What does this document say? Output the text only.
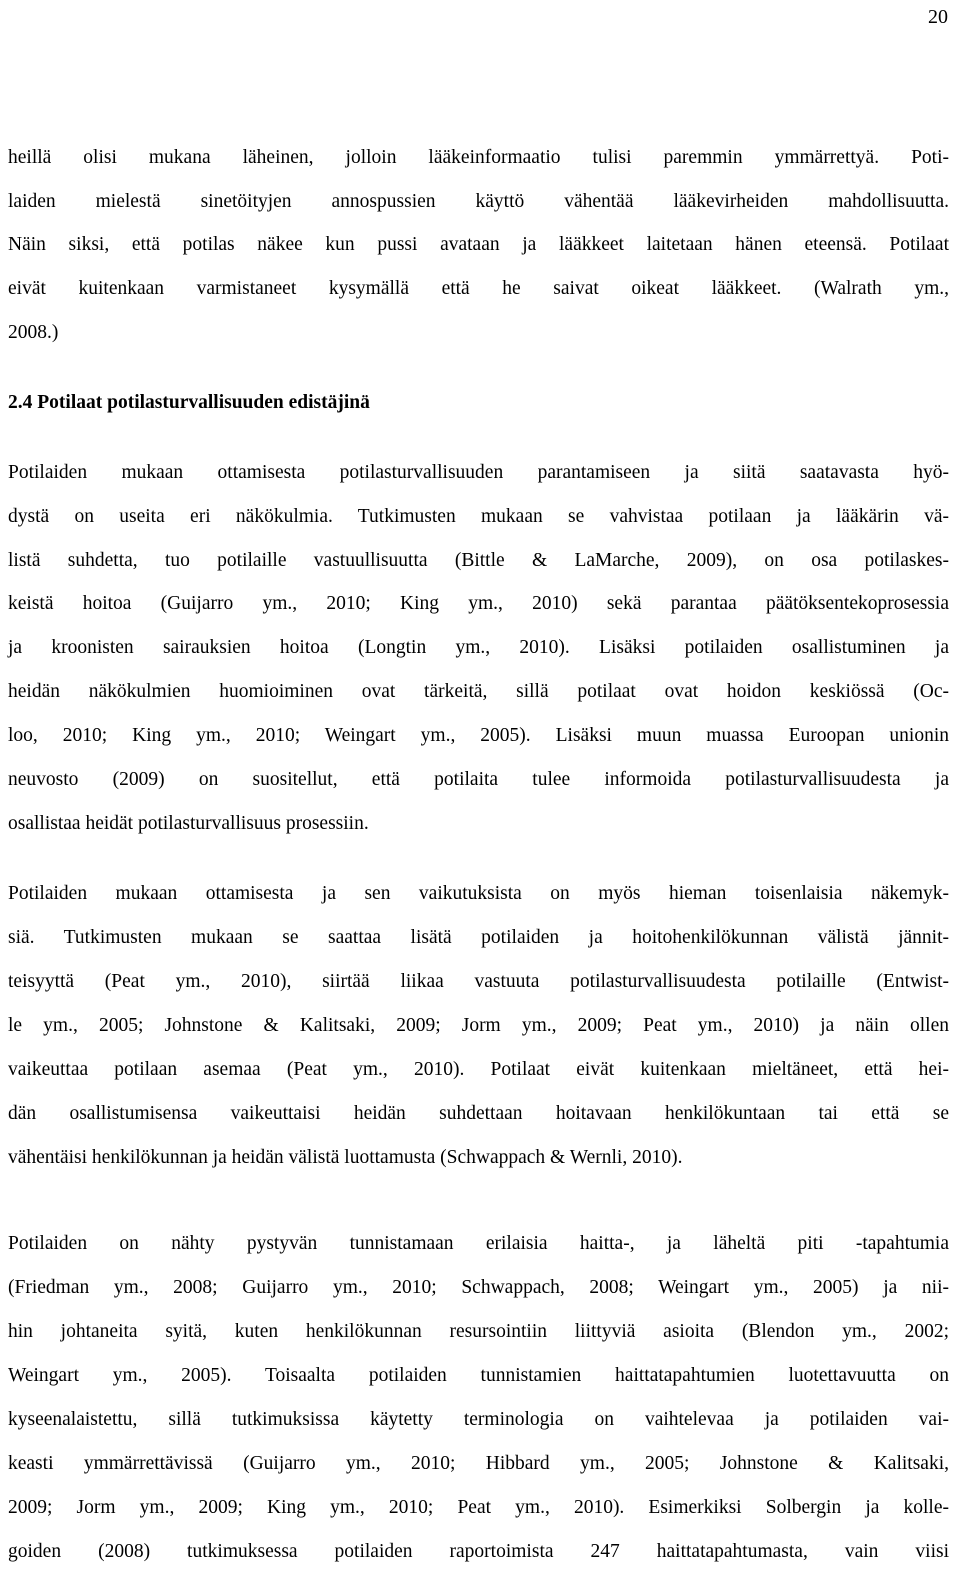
20
heillä olisi mukana läheinen, jolloin lääkeinformaatio tulisi paremmin ymmärrettyä. Poti-
laiden mielestä sinetöityjen annospussien käyttö vähentää lääkevirheiden mahdollisuutta.
Näin siksi, että potilas näkee kun pussi avataan ja lääkkeet laitetaan hänen eteensä. Potilaat
eivät kuitenkaan varmistaneet kysymällä että he saivat oikeat lääkkeet. (Walrath ym.,
2008.)
2.4 Potilaat potilasturvallisuuden edistäjinä
Potilaiden mukaan ottamisesta potilasturvallisuuden parantamiseen ja siitä saatavasta hyö-
dystä on useita eri näkökulmia. Tutkimusten mukaan se vahvistaa potilaan ja lääkärin vä-
listä suhdetta, tuo potilaille vastuullisuutta (Bittle & LaMarche, 2009), on osa potilaskes-
keistä hoitoa (Guijarro ym., 2010; King ym., 2010) sekä parantaa päätöksentekoprosessia
ja kroonisten sairauksien hoitoa (Longtin ym., 2010). Lisäksi potilaiden osallistuminen ja
heidän näkökulmien huomioiminen ovat tärkeitä, sillä potilaat ovat hoidon keskiössä (Oc-
loo, 2010; King ym., 2010; Weingart ym., 2005). Lisäksi muun muassa Euroopan unionin
neuvosto (2009) on suositellut, että potilaita tulee informoida potilasturvallisuudesta ja
osallistaa heidät potilasturvallisuus prosessiin.
Potilaiden mukaan ottamisesta ja sen vaikutuksista on myös hieman toisenlaisia näkemyk-
siä. Tutkimusten mukaan se saattaa lisätä potilaiden ja hoitohenkilökunnan välistä jännit-
teisyyttä (Peat ym., 2010), siirtää liikaa vastuuta potilasturvallisuudesta potilaille (Entwist-
le ym., 2005; Johnstone & Kalitsaki, 2009; Jorm ym., 2009; Peat ym., 2010) ja näin ollen
vaikeuttaa potilaan asemaa (Peat ym., 2010). Potilaat eivät kuitenkaan mieltäneet, että hei-
dän osallistumisensa vaikeuttaisi heidän suhdettaan hoitavaan henkilökuntaan tai että se
vähentäisi henkilökunnan ja heidän välistä luottamusta (Schwappach & Wernli, 2010).
Potilaiden on nähty pystyvän tunnistamaan erilaisia haitta-, ja läheltä piti -tapahtumia
(Friedman ym., 2008; Guijarro ym., 2010; Schwappach, 2008; Weingart ym., 2005) ja nii-
hin johtaneita syitä, kuten henkilökunnan resursointiin liittyviä asioita (Blendon ym., 2002;
Weingart ym., 2005). Toisaalta potilaiden tunnistamien haittatapahtumien luotettavuutta on
kyseenalaistettu, sillä tutkimuksissa käytetty terminologia on vaihtelevaa ja potilaiden vai-
keasti ymmärrettävissä (Guijarro ym., 2010; Hibbard ym., 2005; Johnstone & Kalitsaki,
2009; Jorm ym., 2009; King ym., 2010; Peat ym., 2010). Esimerkiksi Solbergin ja kolle-
goiden (2008) tutkimuksessa potilaiden raportoimista 247 haittatapahtumasta, vain viisi
